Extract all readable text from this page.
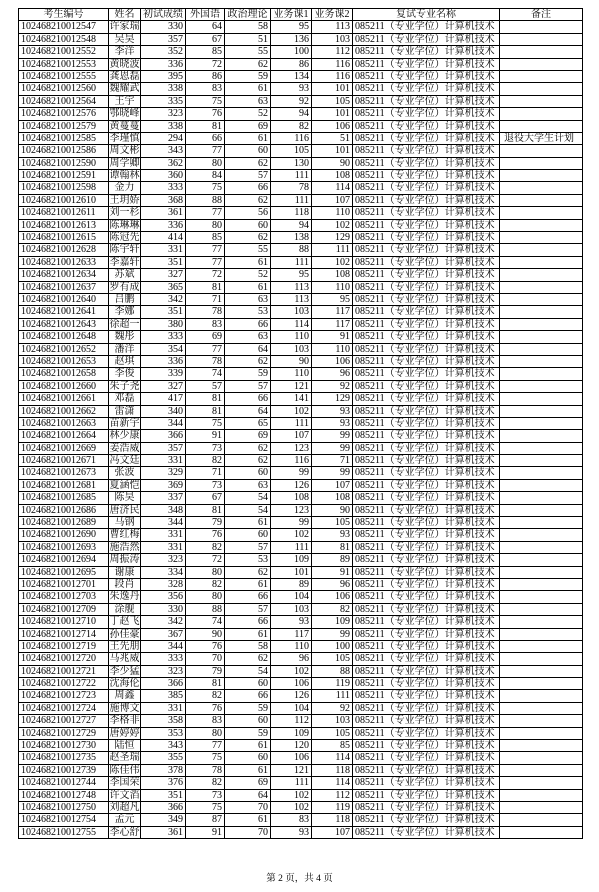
考生编号	姓名 初试成绩 外国语 政治理论 业务课1 业务课2	复试专业名称	备注
102468210012547	许家瑞	330	64	58	95	113 085211（专业学位）计算机技术
102468210012548	吴昊	357	67	51	136	103 085211（专业学位）计算机技术
102468210012552	李洋	352	85	55	100	112 085211（专业学位）计算机技术
102468210012553	黄晓波	336	72	62	86	116 085211（专业学位）计算机技术
102468210012555	龚恩磊	395	86	59	134	116 085211（专业学位）计算机技术
102468210012560	魏耀武	338	83	61	93	101 085211（专业学位）计算机技术
102468210012564	王宇	335	75	63	92	105 085211（专业学位）计算机技术
102468210012576	鄂晓峰	323	76	52	94	101 085211（专业学位）计算机技术
102468210012579	黄蔓蔓	338	81	69	82	106 085211（专业学位）计算机技术
102468210012585	李瑾慎	294	66	61	116	51 085211（专业学位）计算机技术 退役大学生计划
102468210012586	周文彬	343	77	60	105	101 085211（专业学位）计算机技术
102468210012590	周学卿	362	80	62	130	90 085211（专业学位）计算机技术
102468210012591	谭翰林	360	84	57	111	108 085211（专业学位）计算机技术
102468210012598	金力	333	75	66	78	114 085211（专业学位）计算机技术
102468210012610	王玥娇	368	88	62	111	107 085211（专业学位）计算机技术
102468210012611	刘一杉	361	77	56	118	110 085211（专业学位）计算机技术
102468210012613	陈琳琳	336	80	60	94	102 085211（专业学位）计算机技术
102468210012615	陈冠先	414	85	62	138	129 085211（专业学位）计算机技术
102468210012628	陈宇轩	331	77	55	88	111 085211（专业学位）计算机技术
102468210012633	李嘉轩	351	77	61	111	102 085211（专业学位）计算机技术
102468210012634	苏斌	327	72	52	95	108 085211（专业学位）计算机技术
102468210012637	罗有成	365	81	61	113	110 085211（专业学位）计算机技术
102468210012640	吕鹏	342	71	63	113	95 085211（专业学位）计算机技术
102468210012641	李娜	351	78	53	103	117 085211（专业学位）计算机技术
102468210012643	徐超一	380	83	66	114	117 085211（专业学位）计算机技术
102468210012648	魏彤	333	69	63	110	91 085211（专业学位）计算机技术
102468210012652	潘洋	354	77	64	103	110 085211（专业学位）计算机技术
102468210012653	赵琪	336	78	62	90	106 085211（专业学位）计算机技术
102468210012658	李俊	339	74	59	110	96 085211（专业学位）计算机技术
102468210012660	朱子尧	327	57	57	121	92 085211（专业学位）计算机技术
102468210012661	邓磊	417	81	66	141	129 085211（专业学位）计算机技术
102468210012662	雷潇	340	81	64	102	93 085211（专业学位）计算机技术
102468210012663	苗新宇	344	75	65	111	93 085211（专业学位）计算机技术
102468210012664	林少康	366	91	69	107	99 085211（专业学位）计算机技术
102468210012669	姜浩威	357	73	62	123	99 085211（专业学位）计算机技术
102468210012671	冯文廷	331	82	62	116	71 085211（专业学位）计算机技术
102468210012673	张波	329	71	60	99	99 085211（专业学位）计算机技术
102468210012681	夏涵恺	369	73	63	126	107 085211（专业学位）计算机技术
102468210012685	陈昊	337	67	54	108	108 085211（专业学位）计算机技术
102468210012686	唐济民	348	81	54	123	90 085211（专业学位）计算机技术
102468210012689	马钢	344	79	61	99	105 085211（专业学位）计算机技术
102468210012690	曹红梅	331	76	60	102	93 085211（专业学位）计算机技术
102468210012693	施浩然	331	82	57	111	81 085211（专业学位）计算机技术
102468210012694	周振涛	323	72	53	109	89 085211（专业学位）计算机技术
102468210012695	谢康	334	80	62	101	91 085211（专业学位）计算机技术
102468210012701	段肖	328	82	61	89	96 085211（专业学位）计算机技术
102468210012703	朱逸丹	356	80	66	104	106 085211（专业学位）计算机技术
102468210012709	涂舰	330	88	57	103	82 085211（专业学位）计算机技术
102468210012710	丁赵飞	342	74	66	93	109 085211（专业学位）计算机技术
102468210012714	孙佳豪	367	90	61	117	99 085211（专业学位）计算机技术
102468210012719	王先朋	344	76	58	110	100 085211（专业学位）计算机技术
102468210012720	马兆威	333	70	62	96	105 085211（专业学位）计算机技术
102468210012721	李少猛	323	79	54	102	88 085211（专业学位）计算机技术
102468210012722	沈海伦	366	81	60	106	119 085211（专业学位）计算机技术
102468210012723	周鑫	385	82	66	126	111 085211（专业学位）计算机技术
102468210012724	施博文	331	76	59	104	92 085211（专业学位）计算机技术
102468210012727	李格非	358	83	60	112	103 085211（专业学位）计算机技术
102468210012729	唐婷婷	353	80	59	109	105 085211（专业学位）计算机技术
102468210012730	陆恒	343	77	61	120	85 085211（专业学位）计算机技术
102468210012735	赵圣瑞	355	75	60	106	114 085211（专业学位）计算机技术
102468210012739	陈佳伟	378	78	61	121	118 085211（专业学位）计算机技术
102468210012744	李国荣	376	82	69	111	114 085211（专业学位）计算机技术
102468210012748	许文滔	351	73	64	102	112 085211（专业学位）计算机技术
102468210012750	刘超凡	366	75	70	102	119 085211（专业学位）计算机技术
102468210012754	孟元	349	87	61	83	118 085211（专业学位）计算机技术
102468210012755	李心舒	361	91	70	93	107 085211（专业学位）计算机技术
第 2 页，共 4 页
